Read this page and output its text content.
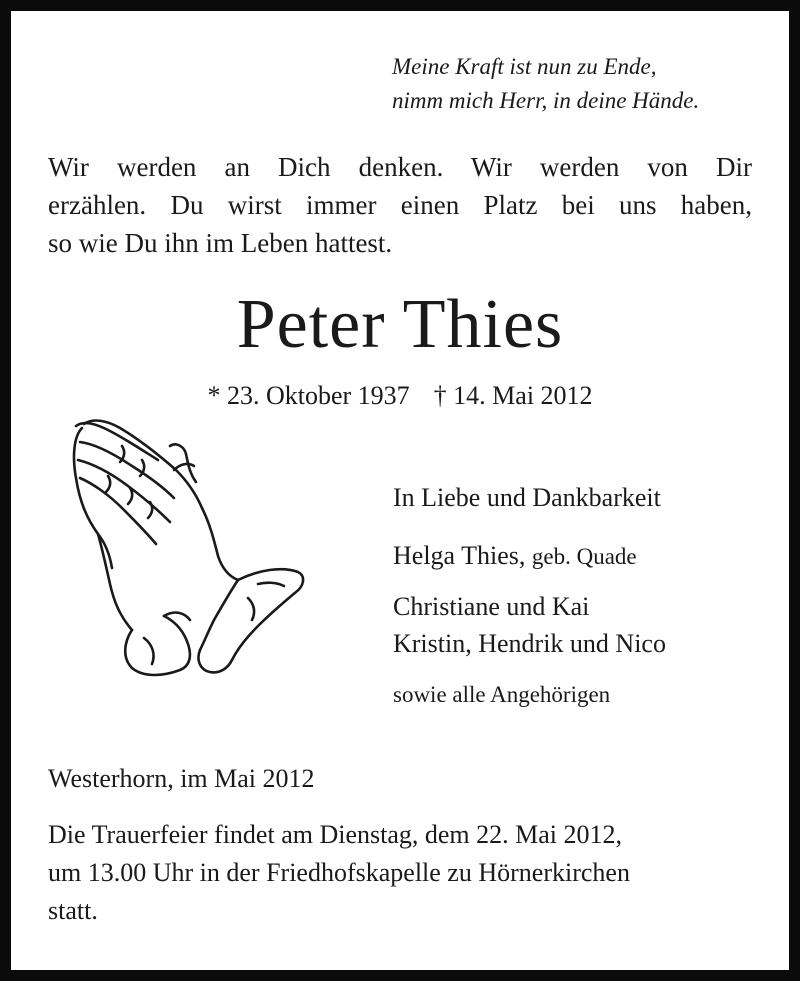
Meine Kraft ist nun zu Ende,
nimm mich Herr, in deine Hände.
Wir werden an Dich denken. Wir werden von Dir
erzählen. Du wirst immer einen Platz bei uns haben,
so wie Du ihn im Leben hattest.
Peter Thies
* 23. Oktober 1937 † 14. Mai 2012
In Liebe und Dankbarkeit
Helga Thies, geb. Quade
Christiane und Kai
Kristin, Hendrik und Nico
sowie alle Angehörigen
Westerhorn, im Mai 2012
Die Trauerfeier findet am Dienstag, dem 22. Mai 2012,
um 13.00 Uhr in der Friedhofskapelle zu Hörnerkirchen
statt.
